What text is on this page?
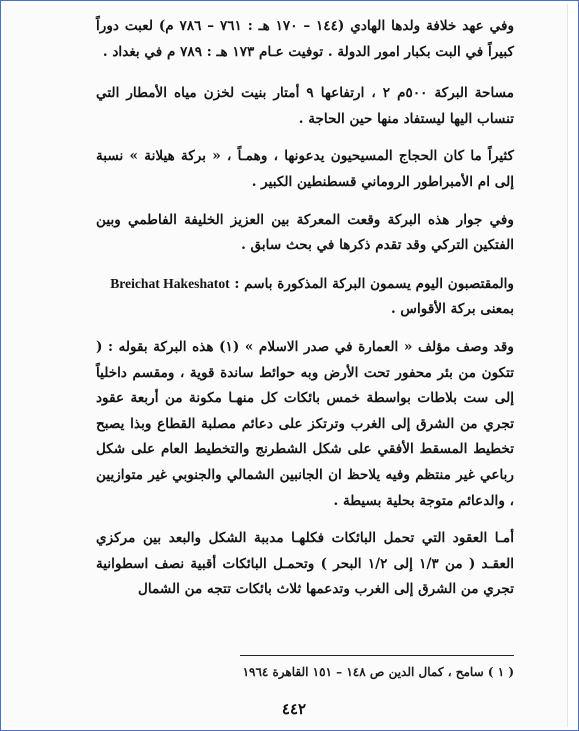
وفي عهد خلافة ولدها الهادي (١٤٤ – ١٧٠ هـ : ٧٦١ – ٧٨٦ م) لعبت دوراً كبيراً في البت بكبار امور الدولة . توفيت عـام ١٧٣ هـ : ٧٨٩ م في بغداد .

مساحة البركة ٥٠٠م ٢ ، ارتفاعها ٩ أمتار بنيت لخزن مياه الأمطار التي تنساب اليها ليستفاد منها حين الحاجة .

كثيراً ما كان الحجاج المسيحيون يدعونها ، وهمـاً ، « بركة هيلانة » نسبة إلى ام الأمبراطور الروماني قسطنطين الكبير .

وفي جوار هذه البركة وقعت المعركة بين العزيز الخليفة الفاطمي وبين الفتكين التركي وقد تقدم ذكرها في بحث سابق .

والمقتصبون اليوم يسمون البركة المذكورة باسم : Breichat Hakeshatot
بمعنى بركة الأقواس .

وقد وصف مؤلف « العمارة في صدر الاسلام » (١) هذه البركة بقوله : ( تتكون من بئر محفور تحت الأرض وبه حوائط ساندة قوية ، ومقسم داخلياً إلى ست بلاطات بواسطة خمس بائكات كل منهـا مكونة من أربعة عقود تجري من الشرق إلى الغرب وترتكز على دعائم مصلبة القطاع وبذا يصبح تخطيط المسقط الأفقي على شكل الشطرنج والتخطيط العام على شكل رباعي غير منتظم وفيه يلاحظ ان الجانبين الشمالي والجنوبي غير متوازيين ، والدعائم متوجة بحلية بسيطة .

أمـا العقود التي تحمل البائكات فكلهـا مدببة الشكل والبعد بين مركزي العقـد ( من ١/٣ إلى ١/٢ البحر ) وتحمـل البائكات أقبية نصف اسطوانية تجري من الشرق إلى الغرب وتدعمها ثلاث بائكات تتجه من الشمال

( ١ ) سامح ، كمال الدين ص ١٤٨ – ١٥١ القاهرة ١٩٦٤
٤٤٢
